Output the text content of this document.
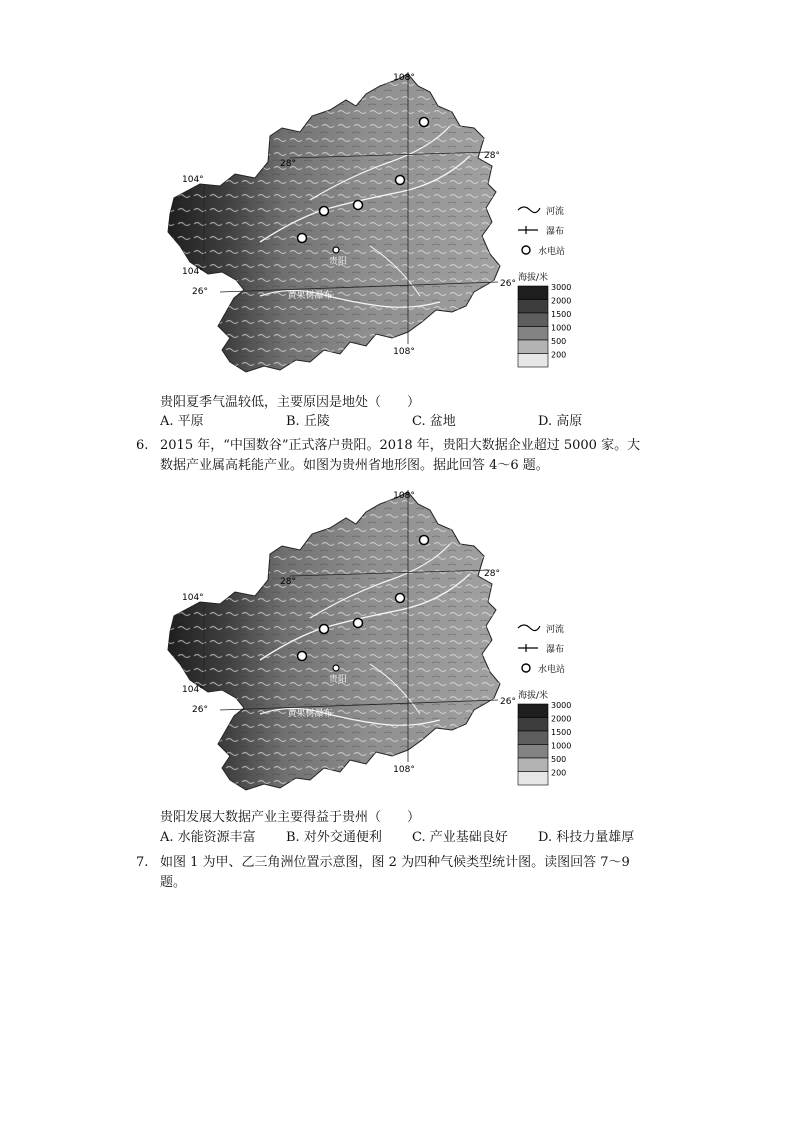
108°
28°
28°
104°
104°
26°
26°
108°
贵阳
黄果树瀑布
河流
瀑布
水电站
海拔/米
3000
2000
1500
1000
500
200
贵阳夏季气温较低，主要原因是地处（　　）
A. 平原	B. 丘陵	C. 盆地	D. 高原
6. 2015 年，“中国数谷”正式落户贵阳。2018 年，贵阳大数据企业超过 5000 家。大
数据产业属高耗能产业。如图为贵州省地形图。据此回答 4～6 题。
108°
28°
28°
104°
104°
26°
26°
108°
贵阳
黄果树瀑布
河流
瀑布
水电站
海拔/米
3000
2000
1500
1000
500
200
贵阳发展大数据产业主要得益于贵州（　　）
A. 水能资源丰富 B. 对外交通便利 C. 产业基础良好 D. 科技力量雄厚
7. 如图 1 为甲、乙三角洲位置示意图，图 2 为四种气候类型统计图。读图回答 7～9
题。
